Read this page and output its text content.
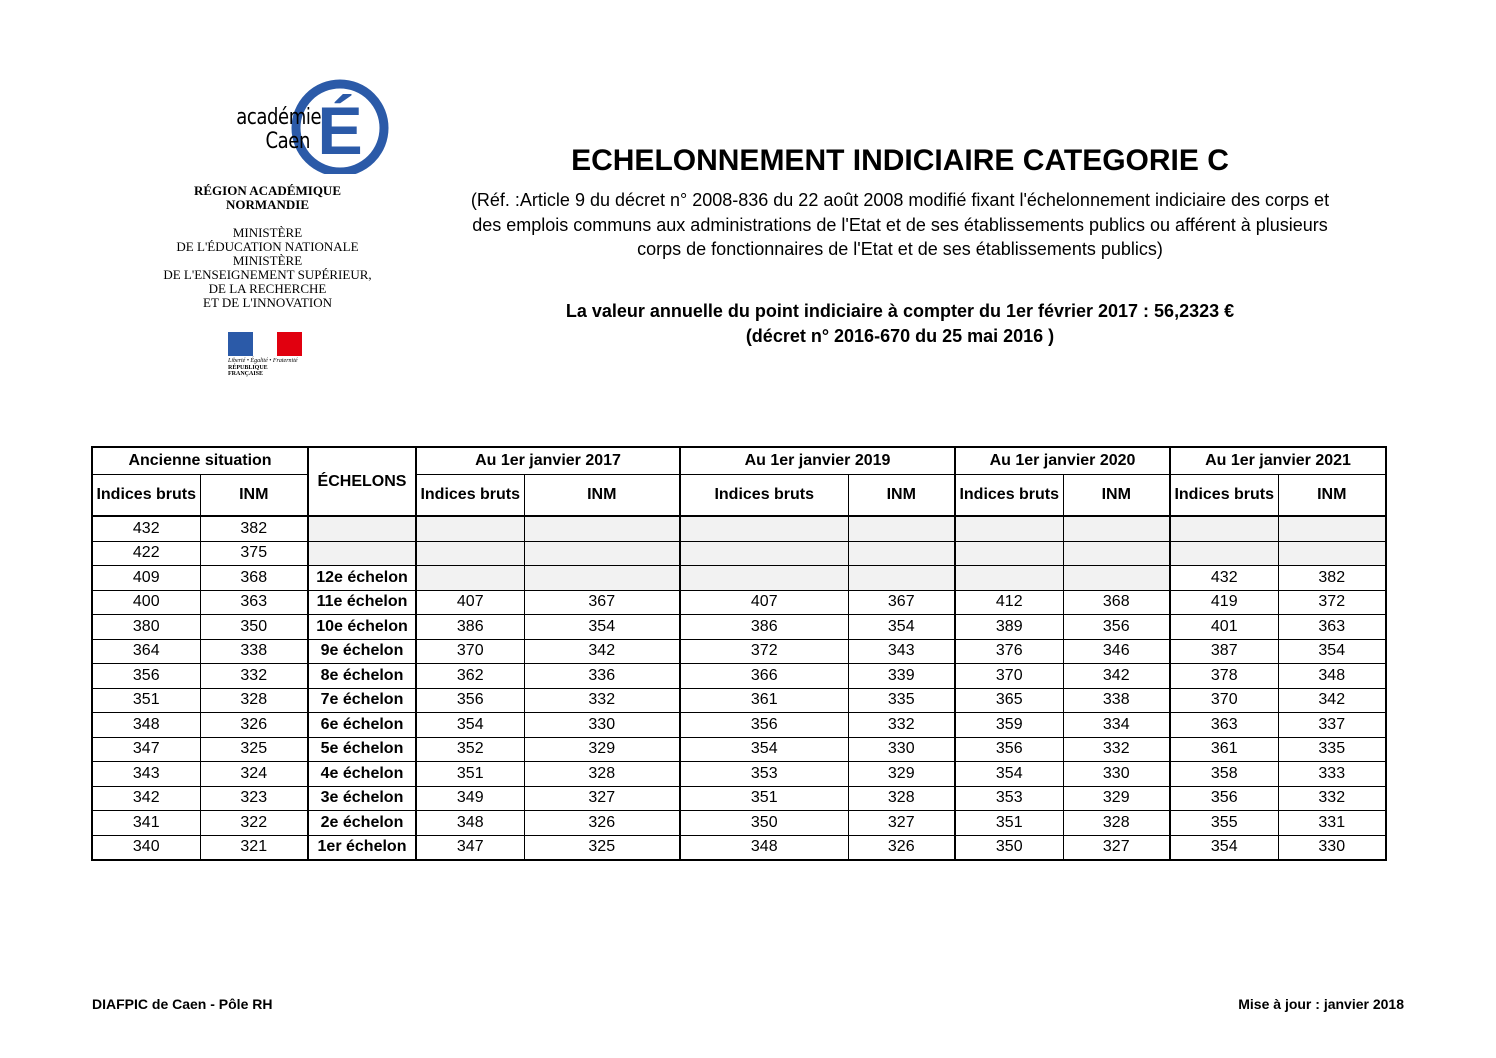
É
académie
Caen
RÉGION ACADÉMIQUE
NORMANDIE
MINISTÈRE
DE L'ÉDUCATION NATIONALE
MINISTÈRE
DE L'ENSEIGNEMENT SUPÉRIEUR,
DE LA RECHERCHE
ET DE L'INNOVATION
Liberté • Égalité • Fraternité
RÉPUBLIQUE FRANÇAISE
ECHELONNEMENT INDICIAIRE CATEGORIE C
(Réf. :Article 9 du décret n° 2008-836 du 22 août 2008 modifié fixant l'échelonnement indiciaire des corps et
des emplois communs aux administrations de l'Etat et de ses établissements publics ou afférent à plusieurs
corps de fonctionnaires de l'Etat et de ses établissements publics)
La valeur annuelle du point indiciaire à compter du 1er février 2017 : 56,2323 €
(décret n° 2016-670 du 25 mai 2016 )
Ancienne situation		ÉCHELONS	Au 1er janvier 2017		Au 1er janvier 2019		Au 1er janvier 2020		Au 1er janvier 2021	
Indices bruts	INM		Indices bruts	INM	Indices bruts	INM	Indices bruts	INM	Indices bruts	INM
432	382									
422	375									
409	368	12e échelon							432	382
400	363	11e échelon	407	367	407	367	412	368	419	372
380	350	10e échelon	386	354	386	354	389	356	401	363
364	338	9e échelon	370	342	372	343	376	346	387	354
356	332	8e échelon	362	336	366	339	370	342	378	348
351	328	7e échelon	356	332	361	335	365	338	370	342
348	326	6e échelon	354	330	356	332	359	334	363	337
347	325	5e échelon	352	329	354	330	356	332	361	335
343	324	4e échelon	351	328	353	329	354	330	358	333
342	323	3e échelon	349	327	351	328	353	329	356	332
341	322	2e échelon	348	326	350	327	351	328	355	331
340	321	1er échelon	347	325	348	326	350	327	354	330
DIAFPIC de Caen - Pôle RH	Mise à jour : janvier 2018
